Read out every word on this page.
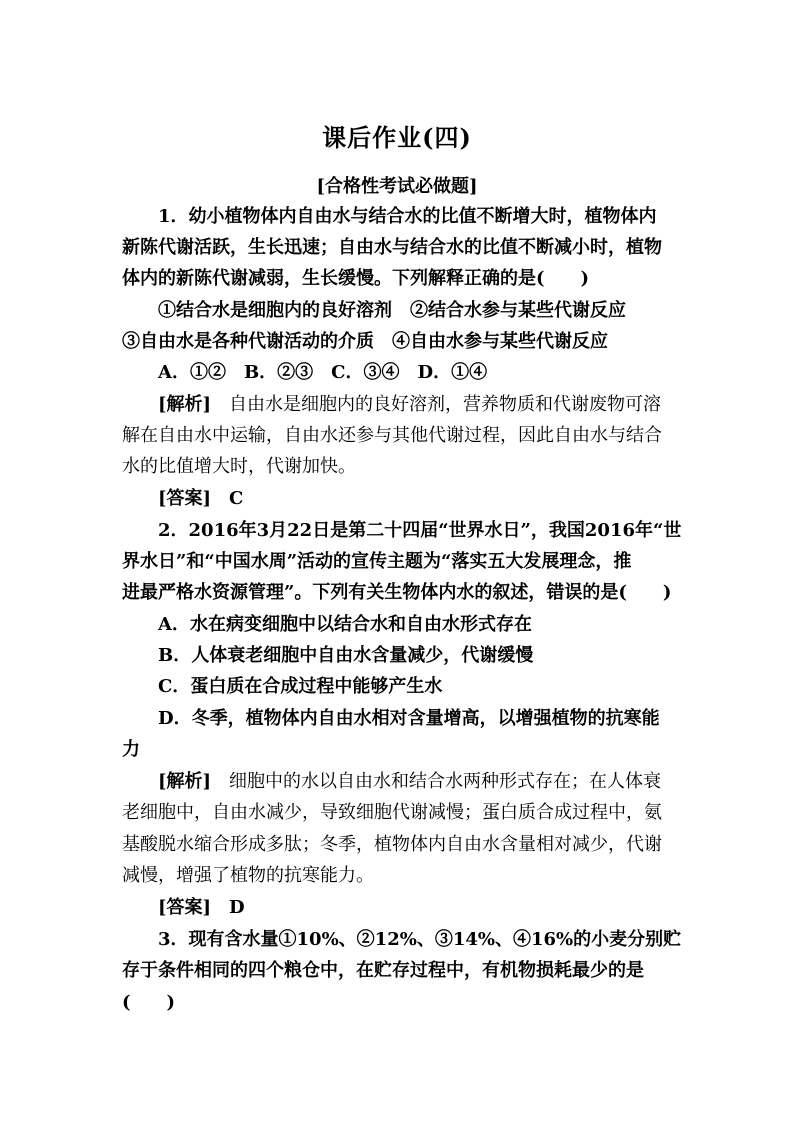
课后作业(四)
[合格性考试必做题]
1．幼小植物体内自由水与结合水的比值不断增大时，植物体内
新陈代谢活跃，生长迅速；自由水与结合水的比值不断减小时，植物
体内的新陈代谢减弱，生长缓慢。下列解释正确的是(　　)
①结合水是细胞内的良好溶剂　②结合水参与某些代谢反应
③自由水是各种代谢活动的介质　④自由水参与某些代谢反应
A．①②　B．②③　C．③④　D．①④
[解析]　自由水是细胞内的良好溶剂，营养物质和代谢废物可溶
解在自由水中运输，自由水还参与其他代谢过程，因此自由水与结合
水的比值增大时，代谢加快。
[答案]　C
2．2016年3月22日是第二十四届“世界水日”，我国2016年“世
界水日”和“中国水周”活动的宣传主题为“落实五大发展理念，推
进最严格水资源管理”。下列有关生物体内水的叙述，错误的是(　　)
A．水在病变细胞中以结合水和自由水形式存在
B．人体衰老细胞中自由水含量减少，代谢缓慢
C．蛋白质在合成过程中能够产生水
D．冬季，植物体内自由水相对含量增高，以增强植物的抗寒能
力
[解析]　细胞中的水以自由水和结合水两种形式存在；在人体衰
老细胞中，自由水减少，导致细胞代谢减慢；蛋白质合成过程中，氨
基酸脱水缩合形成多肽；冬季，植物体内自由水含量相对减少，代谢
减慢，增强了植物的抗寒能力。
[答案]　D
3．现有含水量①10%、②12%、③14%、④16%的小麦分别贮
存于条件相同的四个粮仓中，在贮存过程中，有机物损耗最少的是
(　　)
